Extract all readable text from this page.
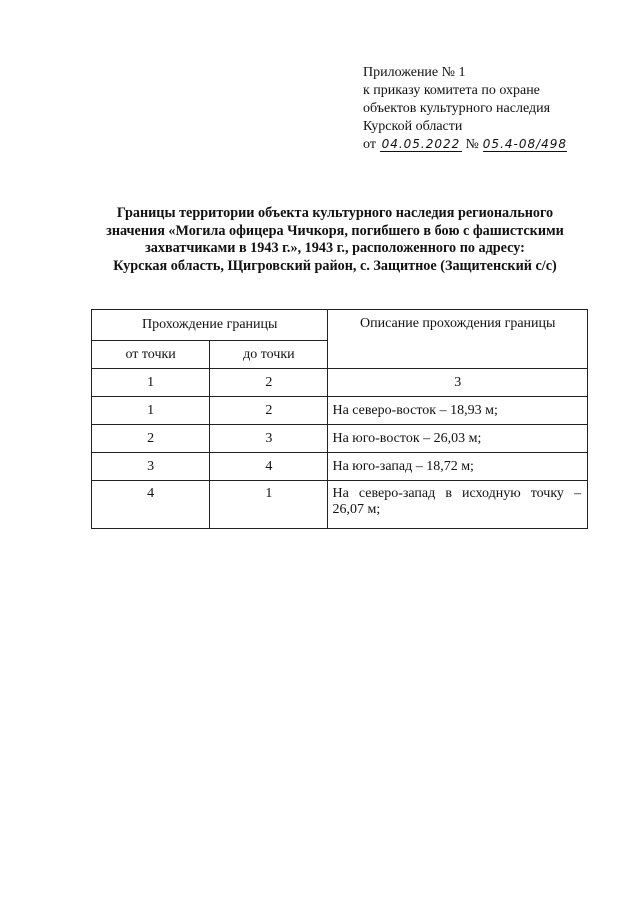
Приложение № 1
к приказу комитета по охране
объектов культурного наследия
Курской области
от 04.05.2022 № 05.4-08/498
Границы территории объекта культурного наследия регионального
значения «Могила офицера Чичкоря, погибшего в бою с фашистскими
захватчиками в 1943 г.», 1943 г., расположенного по адресу:
Курская область, Щигровский район, с. Защитное (Защитенский с/с)
Прохождение границы		Описание прохождения границы
от точки	до точки	
1	2	3
1	2	На северо-восток – 18,93 м;
2	3	На юго-восток – 26,03 м;
3	4	На юго-запад – 18,72 м;
4	1	На северо-запад в исходную точку – 26,07 м;
